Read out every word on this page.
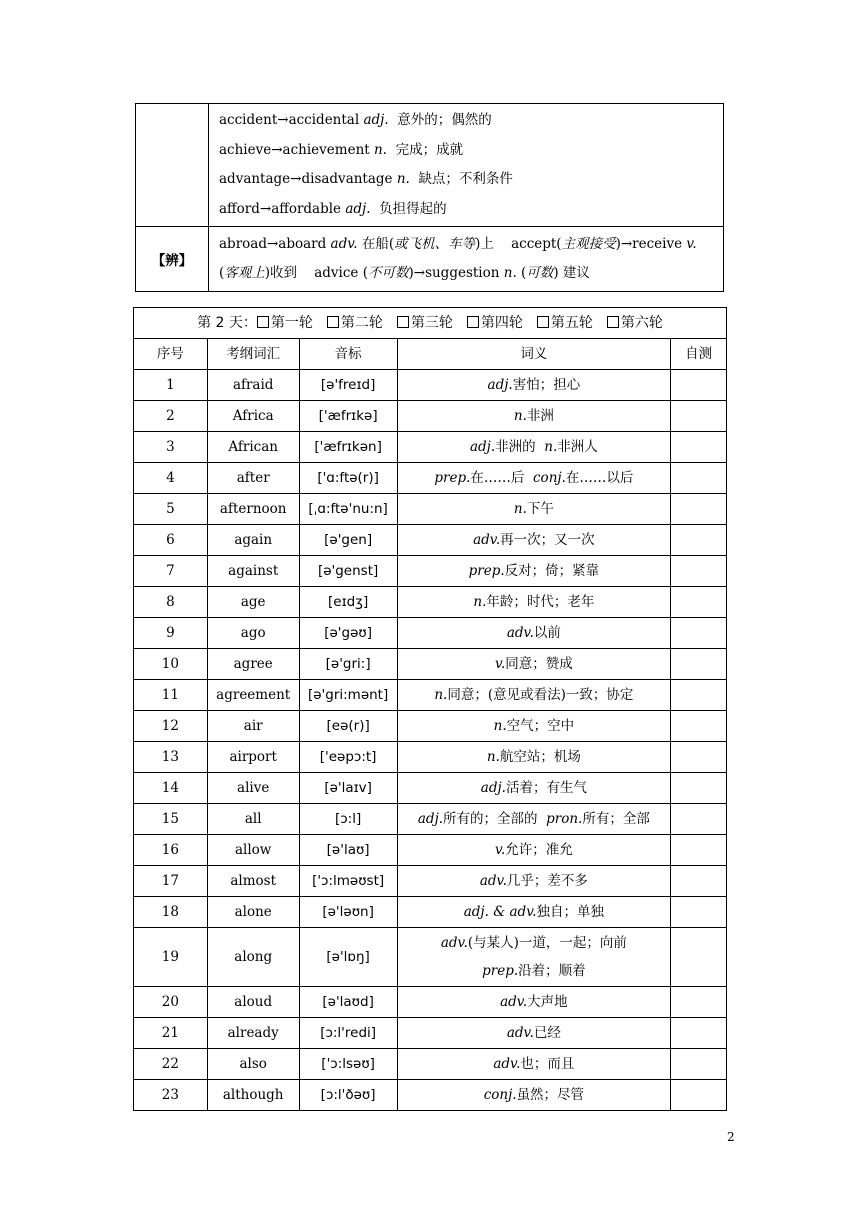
	accident→accidental adj. 意外的；偶然的
achieve→achievement n. 完成；成就
advantage→disadvantage n. 缺点；不利条件
afford→affordable adj. 负担得起的

【辨】	abroad→aboard adv. 在船(或飞机、车等)上 accept(主观接受)→receive v.
(客观上)收到 advice (不可数)→suggestion n. (可数) 建议
第 2 天： 第一轮 第二轮 第三轮 第四轮 第五轮 第六轮				
序号	考纲词汇	音标	词义	自测
1	afraid	[ə'freɪd]	adj.害怕；担心	
2	Africa	['æfrɪkə]	n.非洲	
3	African	['æfrɪkən]	adj.非洲的  n.非洲人	
4	after	['ɑ:ftə(r)]	prep.在……后  conj.在……以后	
5	afternoon	[ˌɑ:ftə'nu:n]	n.下午	
6	again	[ə'gen]	adv.再一次；又一次	
7	against	[ə'genst]	prep.反对；倚；紧靠	
8	age	[eɪdʒ]	n.年龄；时代；老年	
9	ago	[ə'gəʊ]	adv.以前	
10	agree	[ə'gri:]	v.同意；赞成	
11	agreement	[ə'gri:mənt]	n.同意；(意见或看法)一致；协定	
12	air	[eə(r)]	n.空气；空中	
13	airport	['eəpɔ:t]	n.航空站；机场	
14	alive	[ə'laɪv]	adj.活着；有生气	
15	all	[ɔ:l]	adj.所有的；全部的  pron.所有；全部	
16	allow	[ə'laʊ]	v.允许；准允	
17	almost	['ɔ:lməʊst]	adv.几乎；差不多	
18	alone	[ə'ləʊn]	adj. & adv.独自；单独	
19	along	[ə'lɒŋ]	adv.(与某人)一道，一起；向前
prep.沿着；顺着	

20	aloud	[ə'laʊd]	adv.大声地	
21	already	[ɔ:l'redi]	adv.已经	
22	also	['ɔ:lsəʊ]	adv.也；而且	
23	although	[ɔ:l'ðəʊ]	conj.虽然；尽管	
2
